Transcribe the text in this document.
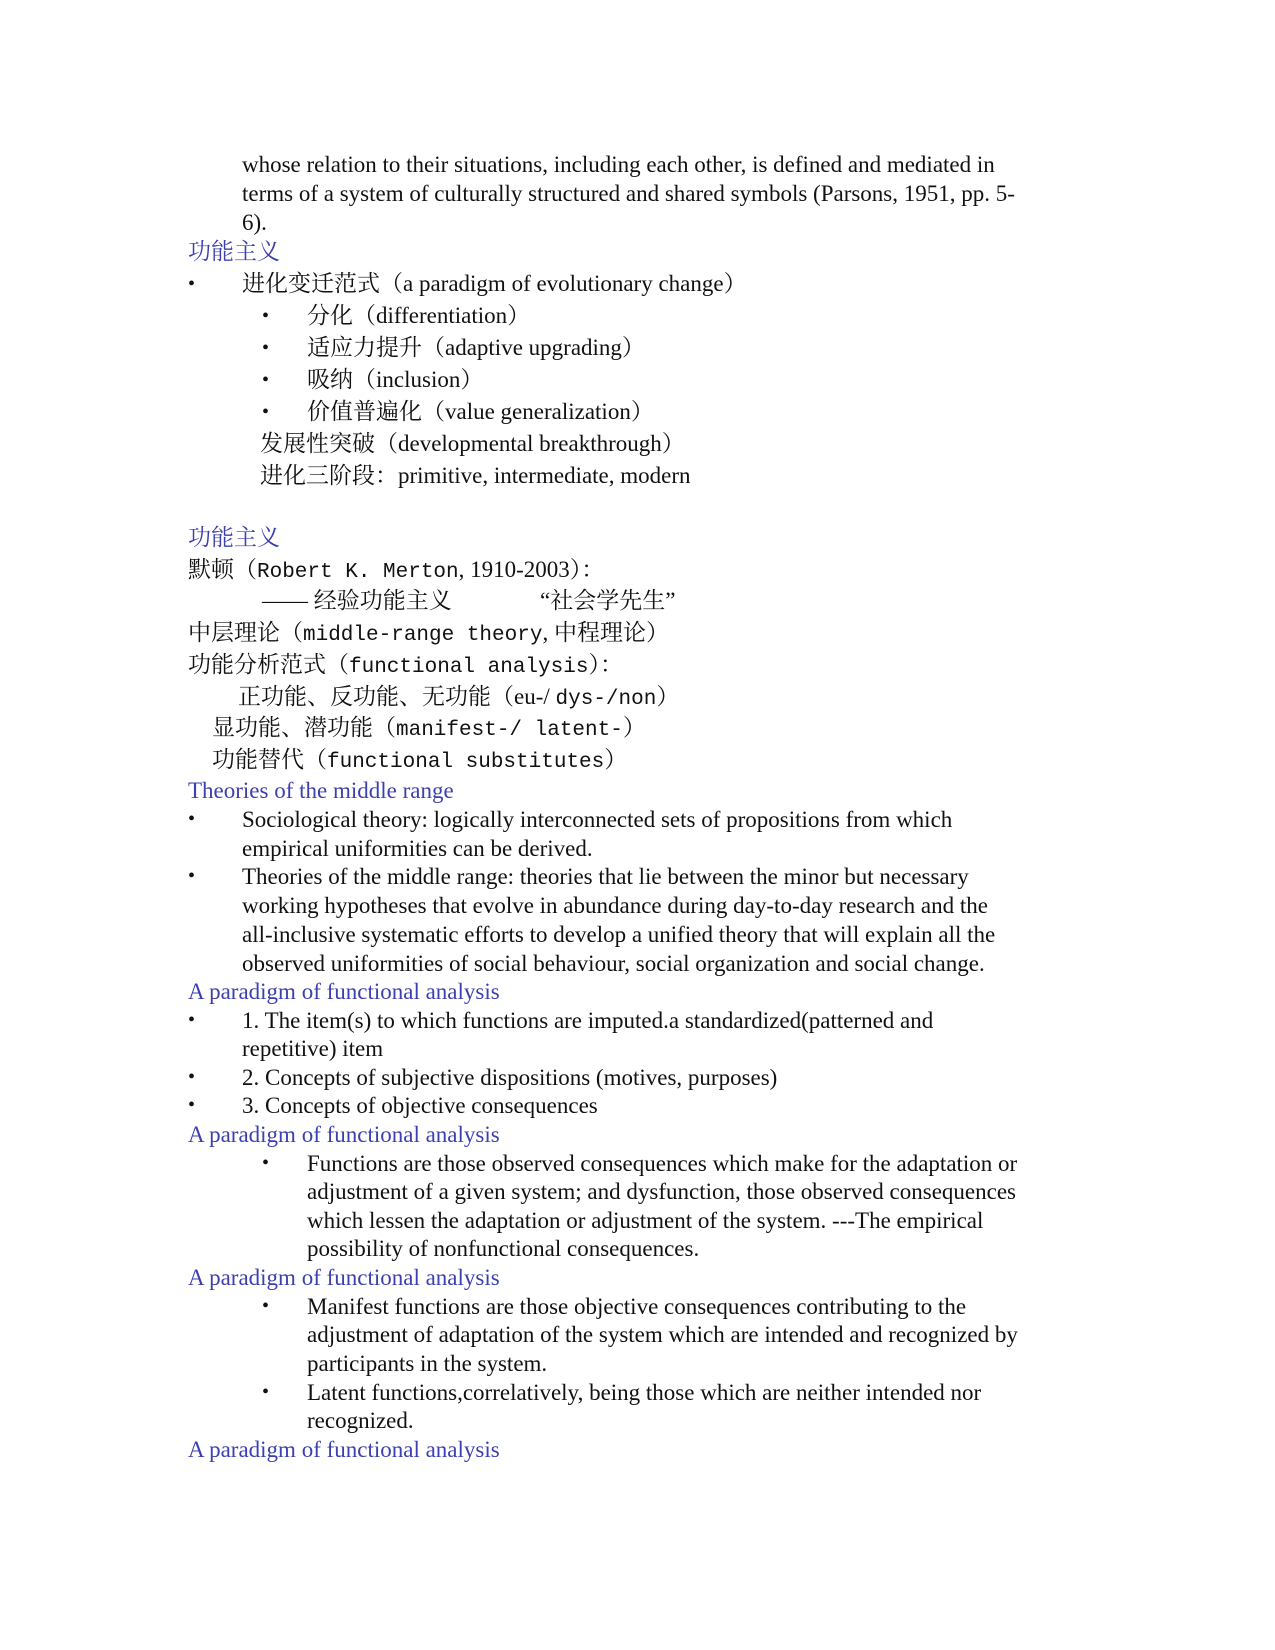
whose relation to their situations, including each other, is defined and mediated in
terms of a system of culturally structured and shared symbols (Parsons, 1951, pp. 5-
6).
功能主义
• 进化变迁范式（a paradigm of evolutionary change）
• 分化（differentiation）
• 适应力提升（adaptive upgrading）
• 吸纳（inclusion）
• 价值普遍化（value generalization）
发展性突破（developmental breakthrough）
进化三阶段：primitive, intermediate, modern
功能主义
默顿（Robert K. Merton, 1910-2003）：
—— 经验功能主义	“社会学先生”
中层理论（middle-range theory, 中程理论）
功能分析范式（functional analysis）：
正功能、反功能、无功能（eu-/ dys-/non）
显功能、潜功能（manifest-/ latent-）
功能替代（functional substitutes）
Theories of the middle range
• Sociological theory: logically interconnected sets of propositions from which
empirical uniformities can be derived.
• Theories of the middle range: theories that lie between the minor but necessary
working hypotheses that evolve in abundance during day-to-day research and the
all-inclusive systematic efforts to develop a unified theory that will explain all the
observed uniformities of social behaviour, social organization and social change.
A paradigm of functional analysis
• 1. The item(s) to which functions are imputed.a standardized(patterned and
repetitive) item
• 2. Concepts of subjective dispositions (motives, purposes)
• 3. Concepts of objective consequences
A paradigm of functional analysis
• Functions are those observed consequences which make for the adaptation or
adjustment of a given system; and dysfunction, those observed consequences
which lessen the adaptation or adjustment of the system. ---The empirical
possibility of nonfunctional consequences.
A paradigm of functional analysis
• Manifest functions are those objective consequences contributing to the
adjustment of adaptation of the system which are intended and recognized by
participants in the system.
• Latent functions,correlatively, being those which are neither intended nor
recognized.
A paradigm of functional analysis
